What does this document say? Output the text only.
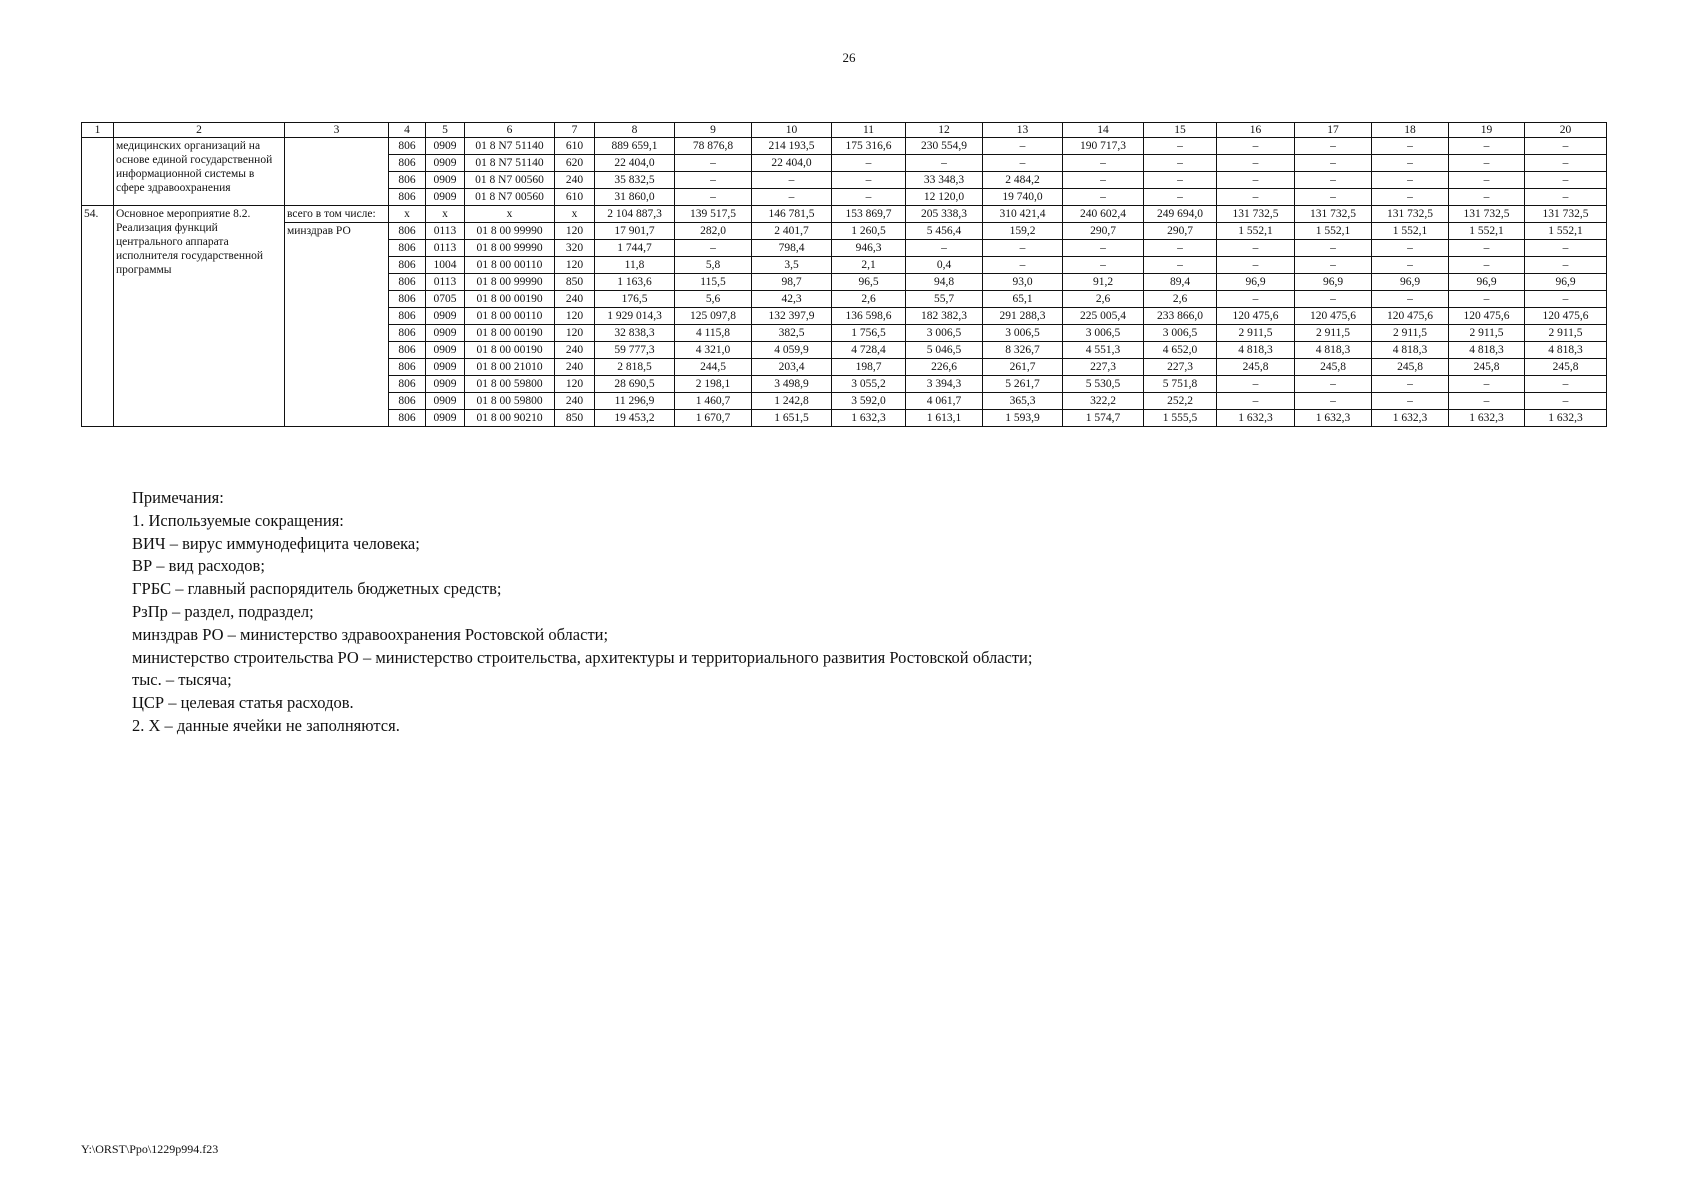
26
1	2	3	4	5	6	7	8	9	10	11	12	13	14	15	16	17	18	19	20
	медицинских организаций на основе единой государственной информационной системы в сфере здравоохранения		806	0909	01 8 N7 51140	610	889 659,1	78 876,8	214 193,5	175 316,6	230 554,9	–	190 717,3	–	–	–	–	–	–
			806	0909	01 8 N7 51140	620	22 404,0	–	22 404,0	–	–	–	–	–	–	–	–	–	–
			806	0909	01 8 N7 00560	240	35 832,5	–	–	–	33 348,3	2 484,2	–	–	–	–	–	–	–
			806	0909	01 8 N7 00560	610	31 860,0	–	–	–	12 120,0	19 740,0	–	–	–	–	–	–	–
54.	Основное мероприятие 8.2. Реализация функций центрального аппарата исполнителя государственной программы	всего в том числе:	x	x	x	x	2 104 887,3	139 517,5	146 781,5	153 869,7	205 338,3	310 421,4	240 602,4	249 694,0	131 732,5	131 732,5	131 732,5	131 732,5	131 732,5
		минздрав РО	806	0113	01 8 00 99990	120	17 901,7	282,0	2 401,7	1 260,5	5 456,4	159,2	290,7	290,7	1 552,1	1 552,1	1 552,1	1 552,1	1 552,1
			806	0113	01 8 00 99990	320	1 744,7	–	798,4	946,3	–	–	–	–	–	–	–	–	–
			806	1004	01 8 00 00110	120	11,8	5,8	3,5	2,1	0,4	–	–	–	–	–	–	–	–
			806	0113	01 8 00 99990	850	1 163,6	115,5	98,7	96,5	94,8	93,0	91,2	89,4	96,9	96,9	96,9	96,9	96,9
			806	0705	01 8 00 00190	240	176,5	5,6	42,3	2,6	55,7	65,1	2,6	2,6	–	–	–	–	–
			806	0909	01 8 00 00110	120	1 929 014,3	125 097,8	132 397,9	136 598,6	182 382,3	291 288,3	225 005,4	233 866,0	120 475,6	120 475,6	120 475,6	120 475,6	120 475,6
			806	0909	01 8 00 00190	120	32 838,3	4 115,8	382,5	1 756,5	3 006,5	3 006,5	3 006,5	3 006,5	2 911,5	2 911,5	2 911,5	2 911,5	2 911,5
			806	0909	01 8 00 00190	240	59 777,3	4 321,0	4 059,9	4 728,4	5 046,5	8 326,7	4 551,3	4 652,0	4 818,3	4 818,3	4 818,3	4 818,3	4 818,3
			806	0909	01 8 00 21010	240	2 818,5	244,5	203,4	198,7	226,6	261,7	227,3	227,3	245,8	245,8	245,8	245,8	245,8
			806	0909	01 8 00 59800	120	28 690,5	2 198,1	3 498,9	3 055,2	3 394,3	5 261,7	5 530,5	5 751,8	–	–	–	–	–
			806	0909	01 8 00 59800	240	11 296,9	1 460,7	1 242,8	3 592,0	4 061,7	365,3	322,2	252,2	–	–	–	–	–
			806	0909	01 8 00 90210	850	19 453,2	1 670,7	1 651,5	1 632,3	1 613,1	1 593,9	1 574,7	1 555,5	1 632,3	1 632,3	1 632,3	1 632,3	1 632,3
Примечания:
1. Используемые сокращения:
ВИЧ – вирус иммунодефицита человека;
ВР – вид расходов;
ГРБС – главный распорядитель бюджетных средств;
РзПр – раздел, подраздел;
минздрав РО – министерство здравоохранения Ростовской области;
министерство строительства РО – министерство строительства, архитектуры и территориального развития Ростовской области;
тыс. – тысяча;
ЦСР – целевая статья расходов.
2. X – данные ячейки не заполняются.
Y:\ORST\Ppo\1229p994.f23
